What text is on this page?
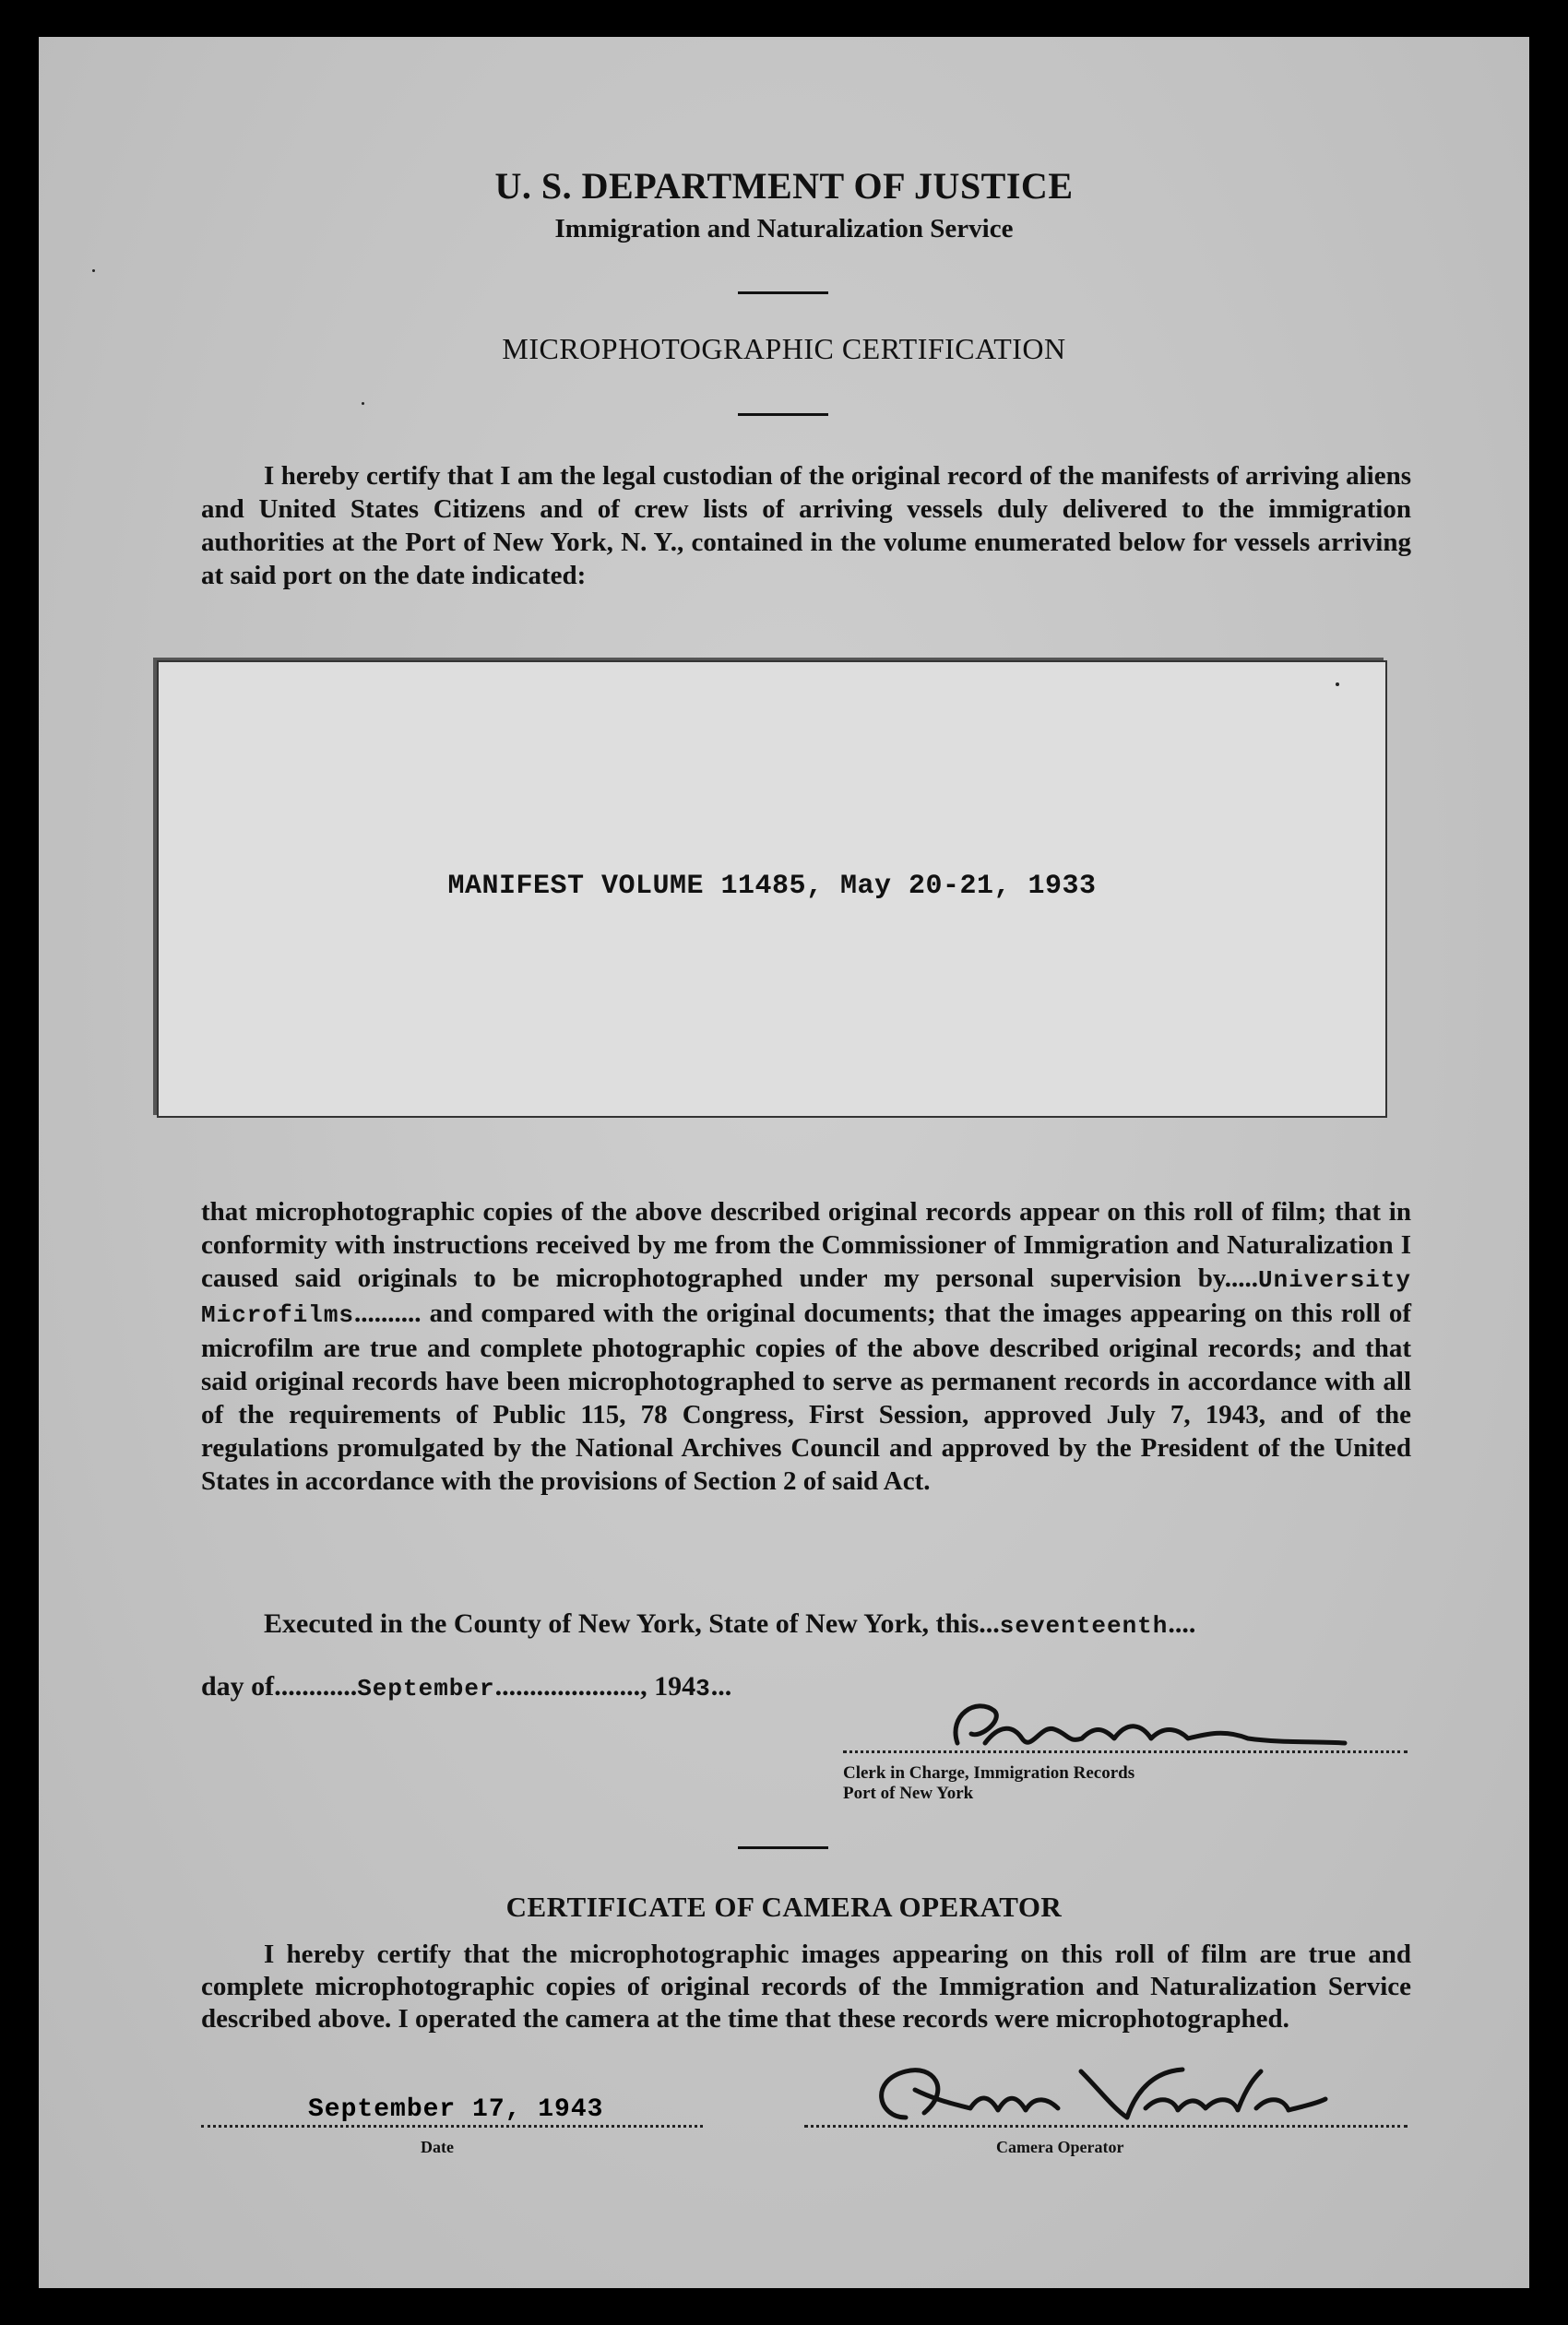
U. S. DEPARTMENT OF JUSTICE
Immigration and Naturalization Service
MICROPHOTOGRAPHIC CERTIFICATION
I hereby certify that I am the legal custodian of the original record of the manifests of arriving aliens and United States Citizens and of crew lists of arriving vessels duly delivered to the immigration authorities at the Port of New York, N. Y., contained in the volume enumerated below for vessels arriving at said port on the date indicated:
MANIFEST VOLUME 11485, May 20-21, 1933
that microphotographic copies of the above described original records appear on this roll of film; that in conformity with instructions received by me from the Commissioner of Immigration and Naturalization I caused said originals to be microphotographed under my personal supervision by.....University Microfilms.......... and compared with the original documents; that the images appearing on this roll of microfilm are true and complete photographic copies of the above described original records; and that said original records have been microphotographed to serve as permanent records in accordance with all of the requirements of Public 115, 78 Congress, First Session, approved July 7, 1943, and of the regulations promulgated by the National Archives Council and approved by the President of the United States in accordance with the provisions of Section 2 of said Act.
Executed in the County of New York, State of New York, this...seventeenth....
day of............September....................., 1943...
Clerk in Charge, Immigration Records
Port of New York
CERTIFICATE OF CAMERA OPERATOR
I hereby certify that the microphotographic images appearing on this roll of film are true and complete microphotographic copies of original records of the Immigration and Naturalization Service described above. I operated the camera at the time that these records were microphotographed.
September 17, 1943
Date	Camera Operator
